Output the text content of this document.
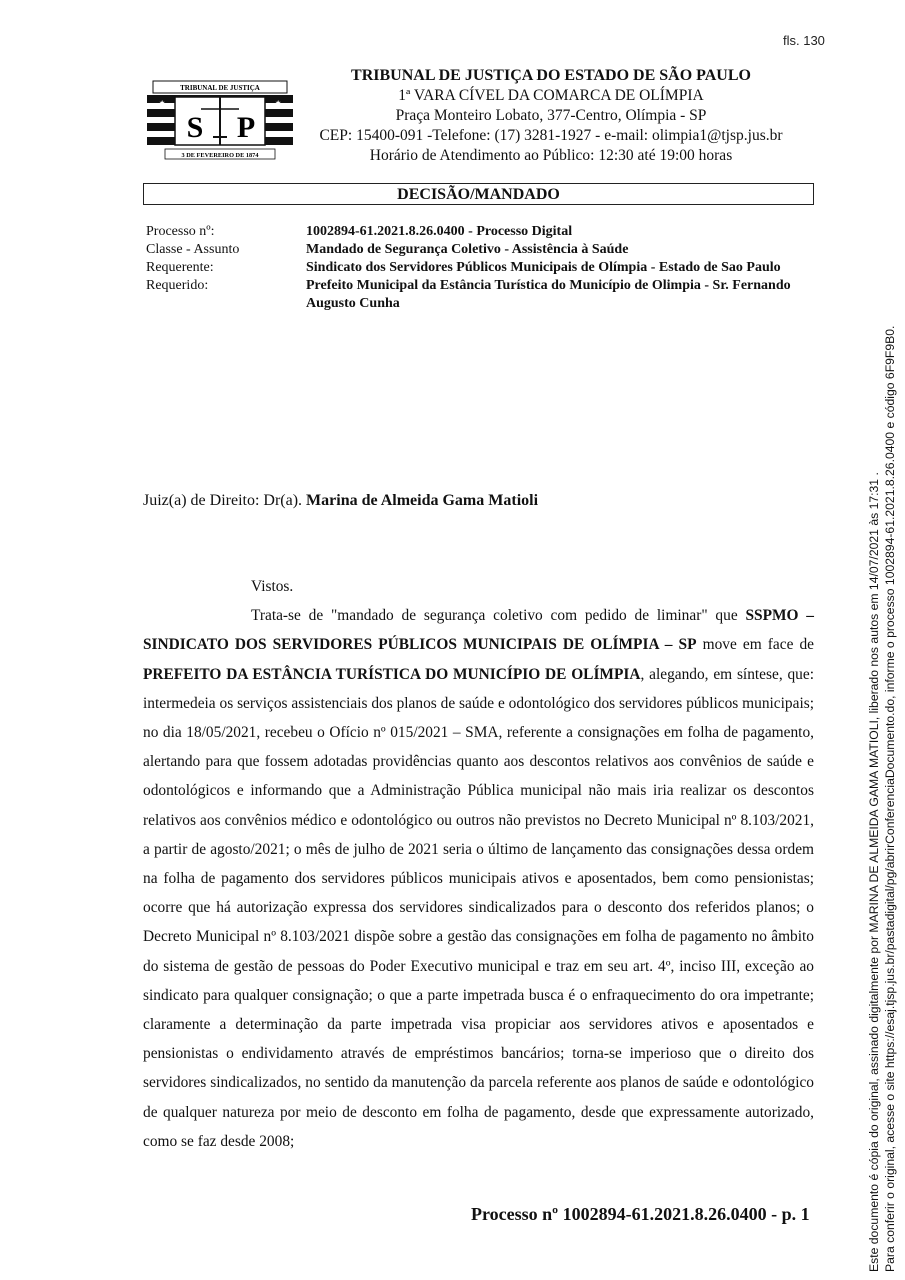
fls. 130
TRIBUNAL DE JUSTIÇA
S P
★	★
3 DE FEVEREIRO DE 1874
TRIBUNAL DE JUSTIÇA DO ESTADO DE SÃO PAULO
1ª VARA CÍVEL DA COMARCA DE OLÍMPIA
Praça Monteiro Lobato, 377-Centro, Olímpia - SP
CEP: 15400-091 -Telefone: (17) 3281-1927 - e-mail: olimpia1@tjsp.jus.br
Horário de Atendimento ao Público: 12:30 até 19:00 horas
DECISÃO/MANDADO
Processo nº:	1002894-61.2021.8.26.0400 - Processo Digital
Classe - Assunto	Mandado de Segurança Coletivo - Assistência à Saúde
Requerente:	Sindicato dos Servidores Públicos Municipais de Olímpia - Estado de Sao Paulo
Requerido:	Prefeito Municipal da Estância Turística do Município de Olimpia - Sr. Fernando Augusto Cunha
Juiz(a) de Direito: Dr(a). Marina de Almeida Gama Matioli
Vistos.

Trata-se de "mandado de segurança coletivo com pedido de liminar" que SSPMO – SINDICATO DOS SERVIDORES PÚBLICOS MUNICIPAIS DE OLÍMPIA – SP move em face de PREFEITO DA ESTÂNCIA TURÍSTICA DO MUNICÍPIO DE OLÍMPIA, alegando, em síntese, que: intermedeia os serviços assistenciais dos planos de saúde e odontológico dos servidores públicos municipais; no dia 18/05/2021, recebeu o Ofício nº 015/2021 – SMA, referente a consignações em folha de pagamento, alertando para que fossem adotadas providências quanto aos descontos relativos aos convênios de saúde e odontológicos e informando que a Administração Pública municipal não mais iria realizar os descontos relativos aos convênios médico e odontológico ou outros não previstos no Decreto Municipal nº 8.103/2021, a partir de agosto/2021; o mês de julho de 2021 seria o último de lançamento das consignações dessa ordem na folha de pagamento dos servidores públicos municipais ativos e aposentados, bem como pensionistas; ocorre que há autorização expressa dos servidores sindicalizados para o desconto dos referidos planos; o Decreto Municipal nº 8.103/2021 dispõe sobre a gestão das consignações em folha de pagamento no âmbito do sistema de gestão de pessoas do Poder Executivo municipal e traz em seu art. 4º, inciso III, exceção ao sindicato para qualquer consignação; o que a parte impetrada busca é o enfraquecimento do ora impetrante; claramente a determinação da parte impetrada visa propiciar aos servidores ativos e aposentados e pensionistas o endividamento através de empréstimos bancários; torna-se imperioso que o direito dos servidores sindicalizados, no sentido da manutenção da parcela referente aos planos de saúde e odontológico de qualquer natureza por meio de desconto em folha de pagamento, desde que expressamente autorizado, como se faz desde 2008;

Processo nº 1002894-61.2021.8.26.0400 - p. 1	Este documento é cópia do original, assinado digitalmente por MARINA DE ALMEIDA GAMA MATIOLI, liberado nos autos em 14/07/2021 às 17:31 . Para conferir o original, acesse o site https://esaj.tjsp.jus.br/pastadigital/pg/abrirConferenciaDocumento.do, informe o processo 1002894-61.2021.8.26.0400 e código 6F9F9B0.
